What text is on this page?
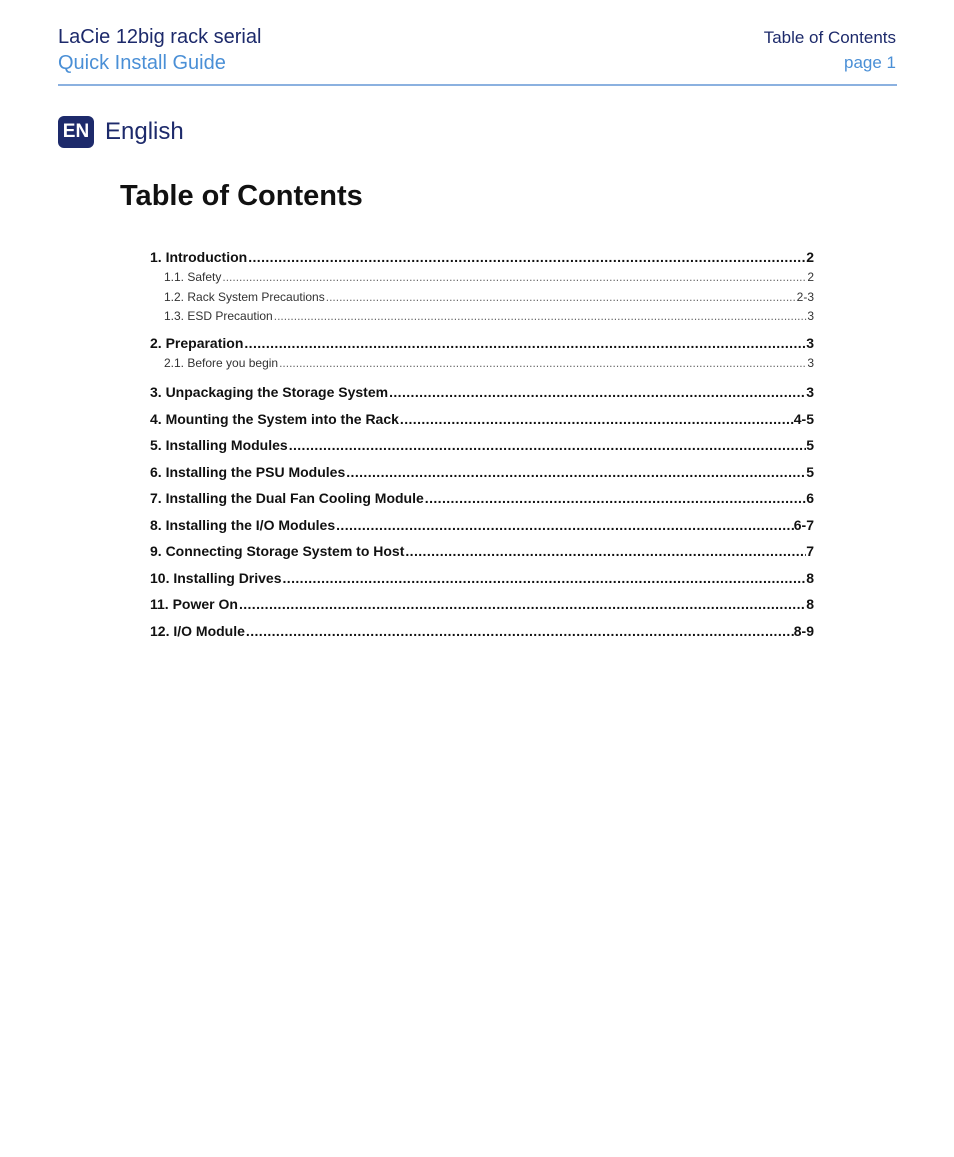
LaCie 12big rack serial
Quick Install Guide
Table of Contents
page 1
EN English
Table of Contents
1. Introduction .....	2
1.1. Safety .....	2
1.2. Rack System Precautions .....	2-3
1.3. ESD Precaution .....	3
2. Preparation .....	3
2.1. Before you begin .....	3
3. Unpackaging the Storage System .....	3
4. Mounting the System into the Rack .....	4-5
5. Installing Modules .....	5
6. Installing the PSU Modules .....	5
7. Installing the Dual Fan Cooling Module .....	6
8. Installing the I/O Modules .....	6-7
9. Connecting Storage System to Host .....	7
10. Installing Drives .....	8
11. Power On .....	8
12. I/O Module .....	8-9
